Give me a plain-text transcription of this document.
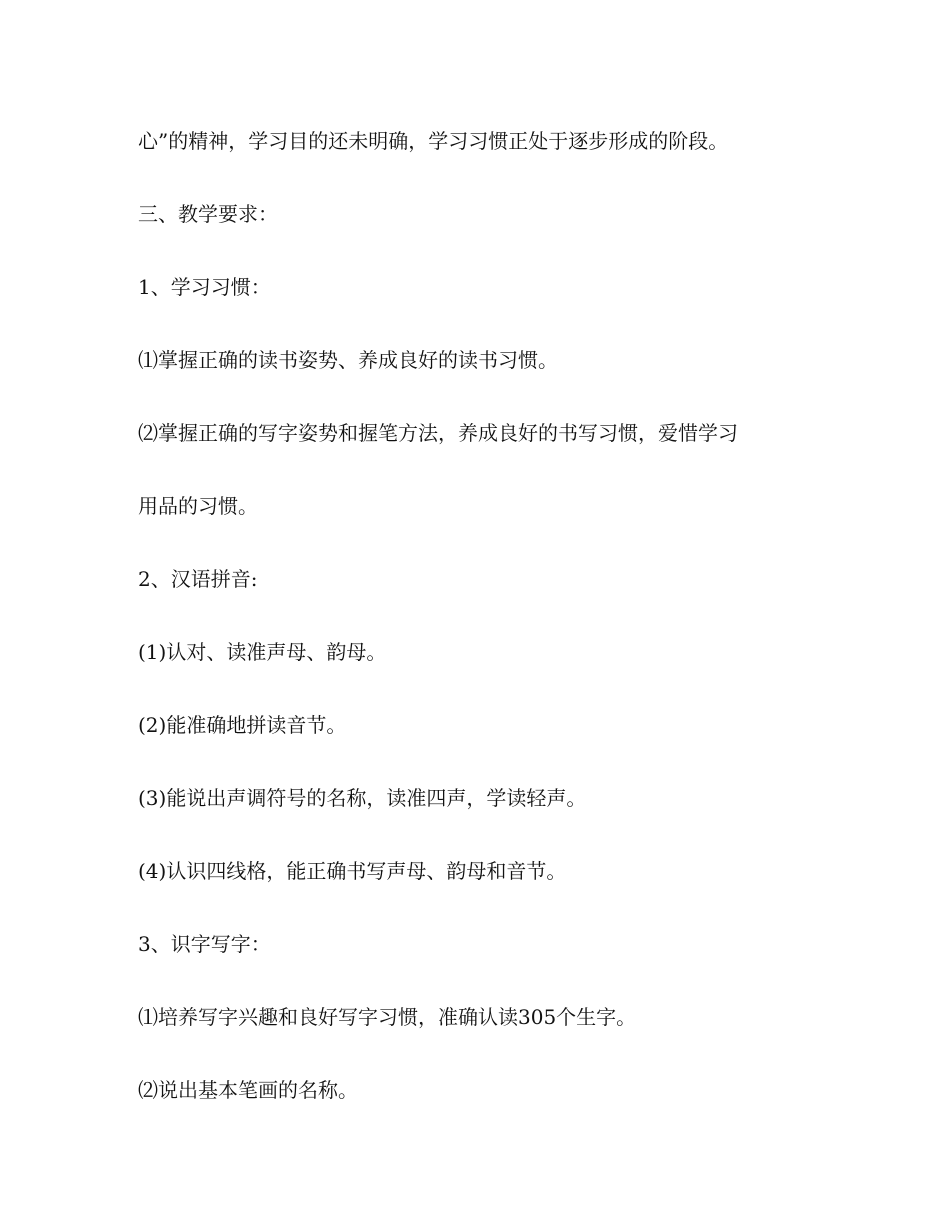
心”的精神，学习目的还未明确，学习习惯正处于逐步形成的阶段。

三、教学要求：

1、学习习惯：

⑴掌握正确的读书姿势、养成良好的读书习惯。

⑵掌握正确的写字姿势和握笔方法，养成良好的书写习惯，爱惜学习

用品的习惯。

2、汉语拼音:

(1)认对、读准声母、韵母。

(2)能准确地拼读音节。

(3)能说出声调符号的名称，读准四声，学读轻声。

(4)认识四线格，能正确书写声母、韵母和音节。

3、识字写字：

⑴培养写字兴趣和良好写字习惯，准确认读305个生字。

⑵说出基本笔画的名称。
